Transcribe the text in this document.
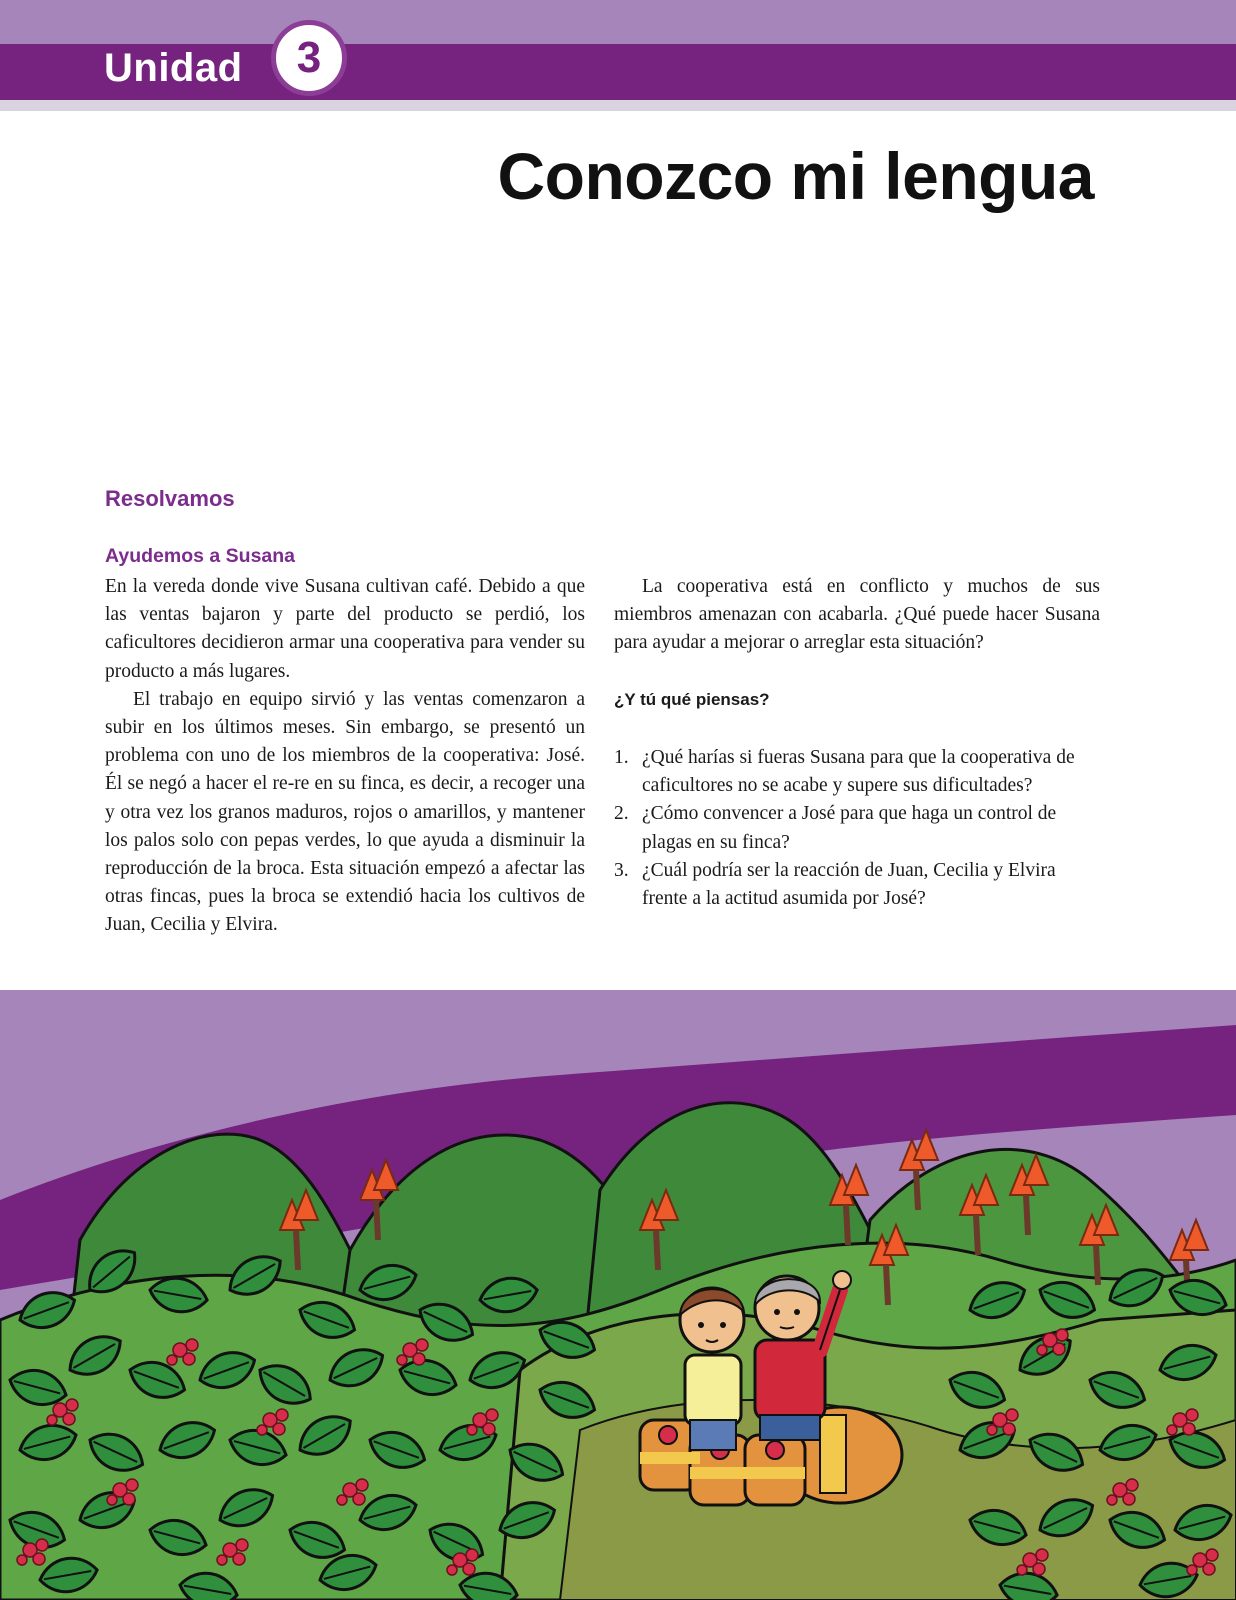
Unidad 3
Conozco mi lengua
Resolvamos
Ayudemos a Susana

En la vereda donde vive Susana cultivan café. Debido a que las ventas bajaron y parte del producto se perdió, los caficultores decidieron armar una cooperativa para vender su producto a más lugares.

El trabajo en equipo sirvió y las ventas comenzaron a subir en los últimos meses. Sin embargo, se presentó un problema con uno de los miembros de la cooperativa: José. Él se negó a hacer el re-re en su finca, es decir, a recoger una y otra vez los granos maduros, rojos o amarillos, y mantener los palos solo con pepas verdes, lo que ayuda a disminuir la reproducción de la broca. Esta situación empezó a afectar las otras fincas, pues la broca se extendió hacia los cultivos de Juan, Cecilia y Elvira.

La cooperativa está en conflicto y muchos de sus miembros amenazan con acabarla. ¿Qué puede hacer Susana para ayudar a mejorar o arreglar esta situación?

¿Y tú qué piensas?
1. ¿Qué harías si fueras Susana para que la cooperativa de caficultores no se acabe y supere sus dificultades?
2. ¿Cómo convencer a José para que haga un control de plagas en su finca?
3. ¿Cuál podría ser la reacción de Juan, Cecilia y Elvira frente a la actitud asumida por José?
